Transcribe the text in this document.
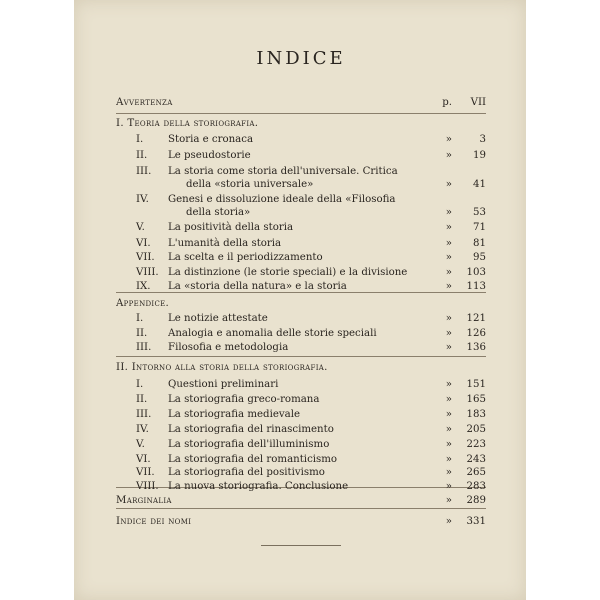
INDICE
Avvertenza	p.	VII
I. Teoria della storiografia.
I.	Storia e cronaca	»	3
II.	Le pseudostorie	»	19
III.	La storia come storia dell'universale. Critica
della «storia universale»	»	41
IV.	Genesi e dissoluzione ideale della «Filosofia
della storia»	»	53
V.	La positività della storia	»	71
VI.	L'umanità della storia	»	81
VII.	La scelta e il periodizzamento	»	95
VIII. La distinzione (le storie speciali) e la divisione	»	103
IX.	La «storia della natura» e la storia	»	113
Appendice.
I.	Le notizie attestate	»	121
II.	Analogia e anomalia delle storie speciali	»	126
III.	Filosofia e metodologia	»	136
II. Intorno alla storia della storiografia.
I.	Questioni preliminari	»	151
II.	La storiografia greco-romana	»	165
III.	La storiografia medievale	»	183
IV.	La storiografia del rinascimento	»	205
V.	La storiografia dell'illuminismo	»	223
VI.	La storiografia del romanticismo	»	243
VII.	La storiografia del positivismo	»	265
VIII. La nuova storiografia. Conclusione	»	283
Marginalia	»	289
Indice dei nomi	»	331
